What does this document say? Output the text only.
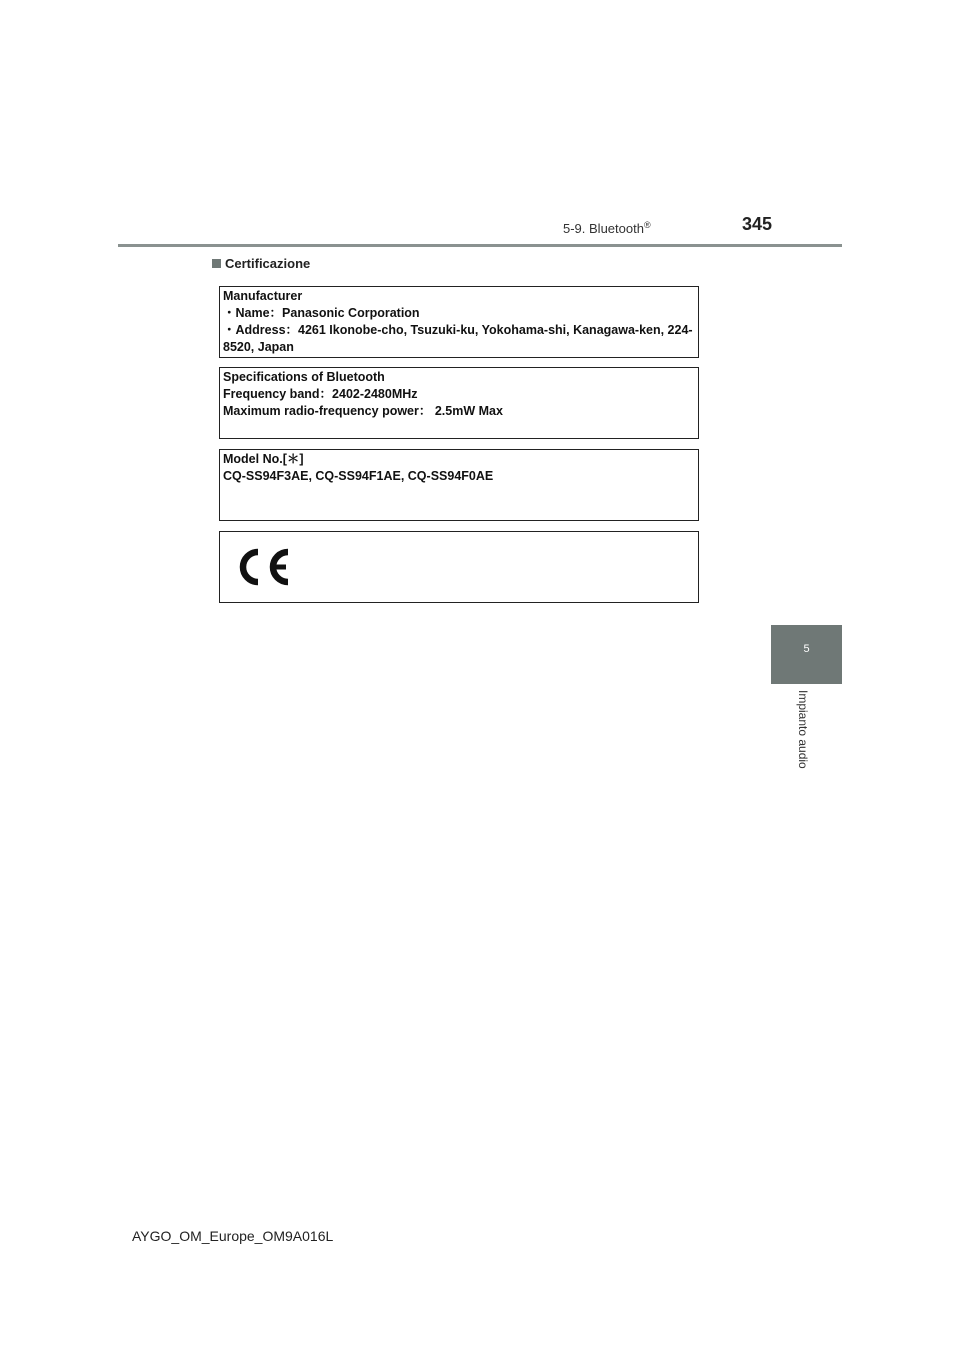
5-9. Bluetooth®	345
Certificazione
Manufacturer
・Name：Panasonic Corporation
・Address：4261 Ikonobe-cho, Tsuzuki-ku, Yokohama-shi, Kanagawa-ken, 224-8520, Japan
Specifications of Bluetooth
Frequency band：2402-2480MHz
Maximum radio-frequency power： 2.5mW Max
Model No.[＊]
CQ-SS94F3AE, CQ-SS94F1AE, CQ-SS94F0AE
5
Impianto audio
AYGO_OM_Europe_OM9A016L
